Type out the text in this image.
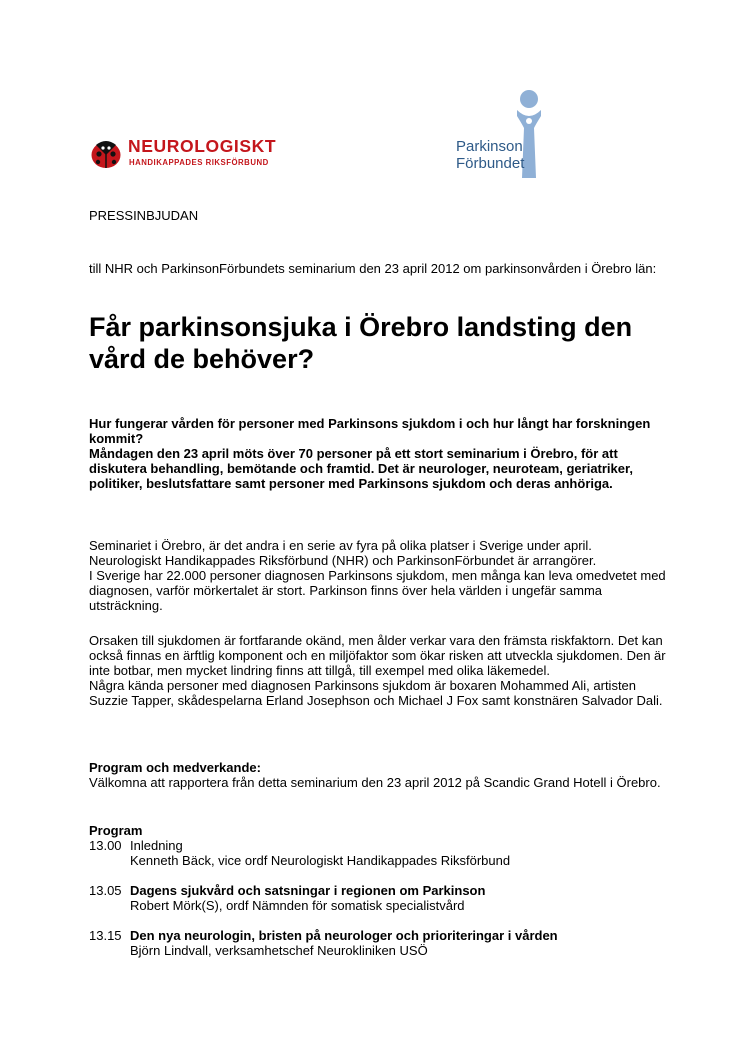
NEUROLOGISKT
HANDIKAPPADES RIKSFÖRBUND
Parkinson
Förbundet

PRESSINBJUDAN

till NHR och ParkinsonFörbundets seminarium den 23 april 2012 om parkinsonvården i Örebro län:

Får parkinsonsjuka i Örebro landsting den vård de behöver?
Hur fungerar vården för personer med Parkinsons sjukdom i och hur långt har forskningen kommit?
Måndagen den 23 april möts över 70 personer på ett stort seminarium i Örebro, för att diskutera behandling, bemötande och framtid. Det är neurologer, neuroteam, geriatriker, politiker, beslutsfattare samt personer med Parkinsons sjukdom och deras anhöriga.
Seminariet i Örebro, är det andra i en serie av fyra på olika platser i Sverige under april.
Neurologiskt Handikappades Riksförbund (NHR) och ParkinsonFörbundet är arrangörer.
I Sverige har 22.000 personer diagnosen Parkinsons sjukdom, men många kan leva omedvetet med diagnosen, varför mörkertalet är stort. Parkinson finns över hela världen i ungefär samma utsträckning.
Orsaken till sjukdomen är fortfarande okänd, men ålder verkar vara den främsta riskfaktorn. Det kan också finnas en ärftlig komponent och en miljöfaktor som ökar risken att utveckla sjukdomen. Den är inte botbar, men mycket lindring finns att tillgå, till exempel med olika läkemedel.
Några kända personer med diagnosen Parkinsons sjukdom är boxaren Mohammed Ali, artisten Suzzie Tapper, skådespelarna Erland Josephson och Michael J Fox samt konstnären Salvador Dali.
Program och medverkande:
Välkomna att rapportera från detta seminarium den 23 april 2012 på Scandic Grand Hotell i Örebro.

Program

13.00 Inledning
Kenneth Bäck, vice ordf Neurologiskt Handikappades Riksförbund
13.05 Dagens sjukvård och satsningar i regionen om Parkinson
Robert Mörk(S), ordf Nämnden för somatisk specialistvård
13.15 Den nya neurologin, bristen på neurologer och prioriteringar i vården
Björn Lindvall, verksamhetschef Neurokliniken USÖ
